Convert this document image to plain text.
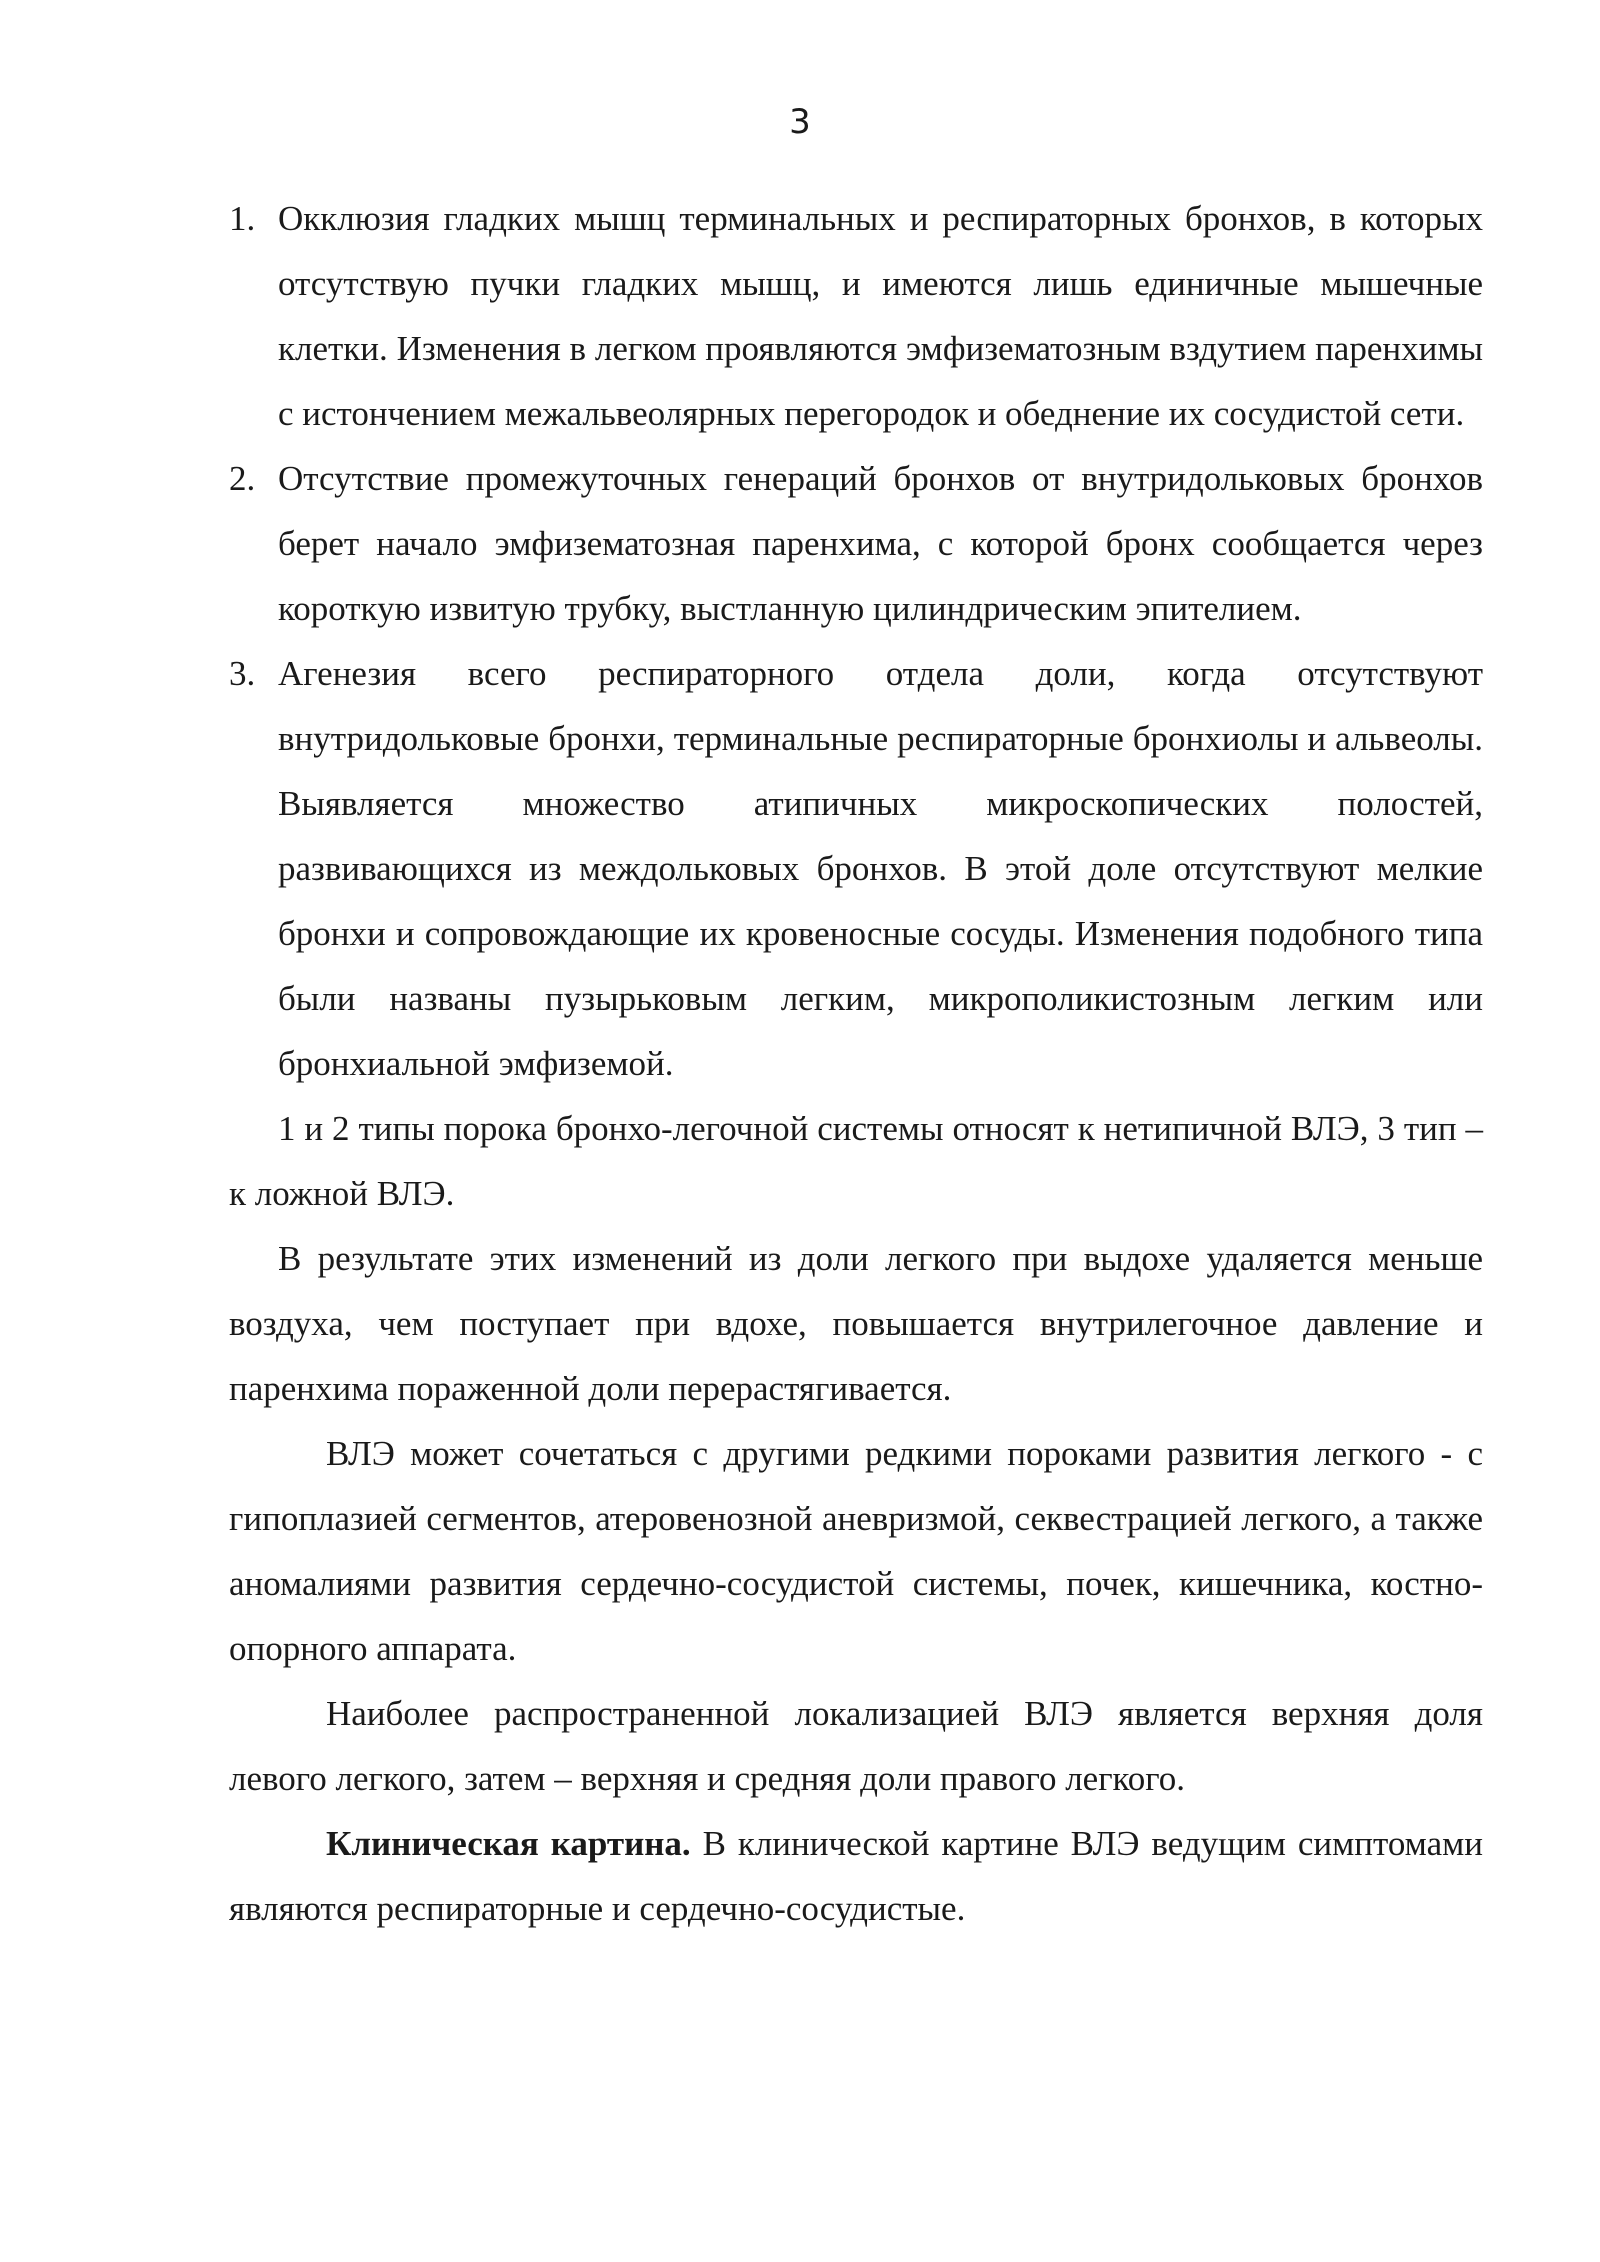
3
1. Окклюзия гладких мышц терминальных и респираторных бронхов, в которых отсутствую пучки гладких мышц, и имеются лишь единичные мышечные клетки. Изменения в легком проявляются эмфизематозным вздутием паренхимы с истончением межальвеолярных перегородок и обеднение их сосудистой сети.
2. Отсутствие промежуточных генераций бронхов от внутридольковых бронхов берет начало эмфизематозная паренхима, с которой бронх сообщается через короткую извитую трубку, выстланную цилиндрическим эпителием.
3. Агенезия всего респираторного отдела доли, когда отсутствуют внутридольковые бронхи, терминальные респираторные бронхиолы и альвеолы. Выявляется множество атипичных микроскопических полостей, развивающихся из междольковых бронхов. В этой доле отсутствуют мелкие бронхи и сопровождающие их кровеносные сосуды. Изменения подобного типа были названы пузырьковым легким, микрополикистозным легким или бронхиальной эмфиземой.

1 и 2 типы порока бронхо-легочной системы относят к нетипичной ВЛЭ, 3 тип – к ложной ВЛЭ.

В результате этих изменений из доли легкого при выдохе удаляется меньше воздуха, чем поступает при вдохе, повышается внутрилегочное давление и паренхима пораженной доли перерастягивается.

ВЛЭ может сочетаться с другими редкими пороками развития легкого - с гипоплазией сегментов, атеровенозной аневризмой, секвестрацией легкого, а также аномалиями развития сердечно-сосудистой системы, почек, кишечника, костно-опорного аппарата.

Наиболее распространенной локализацией ВЛЭ является верхняя доля левого легкого, затем – верхняя и средняя доли правого легкого.

Клиническая картина. В клинической картине ВЛЭ ведущим симптомами являются респираторные и сердечно-сосудистые.
